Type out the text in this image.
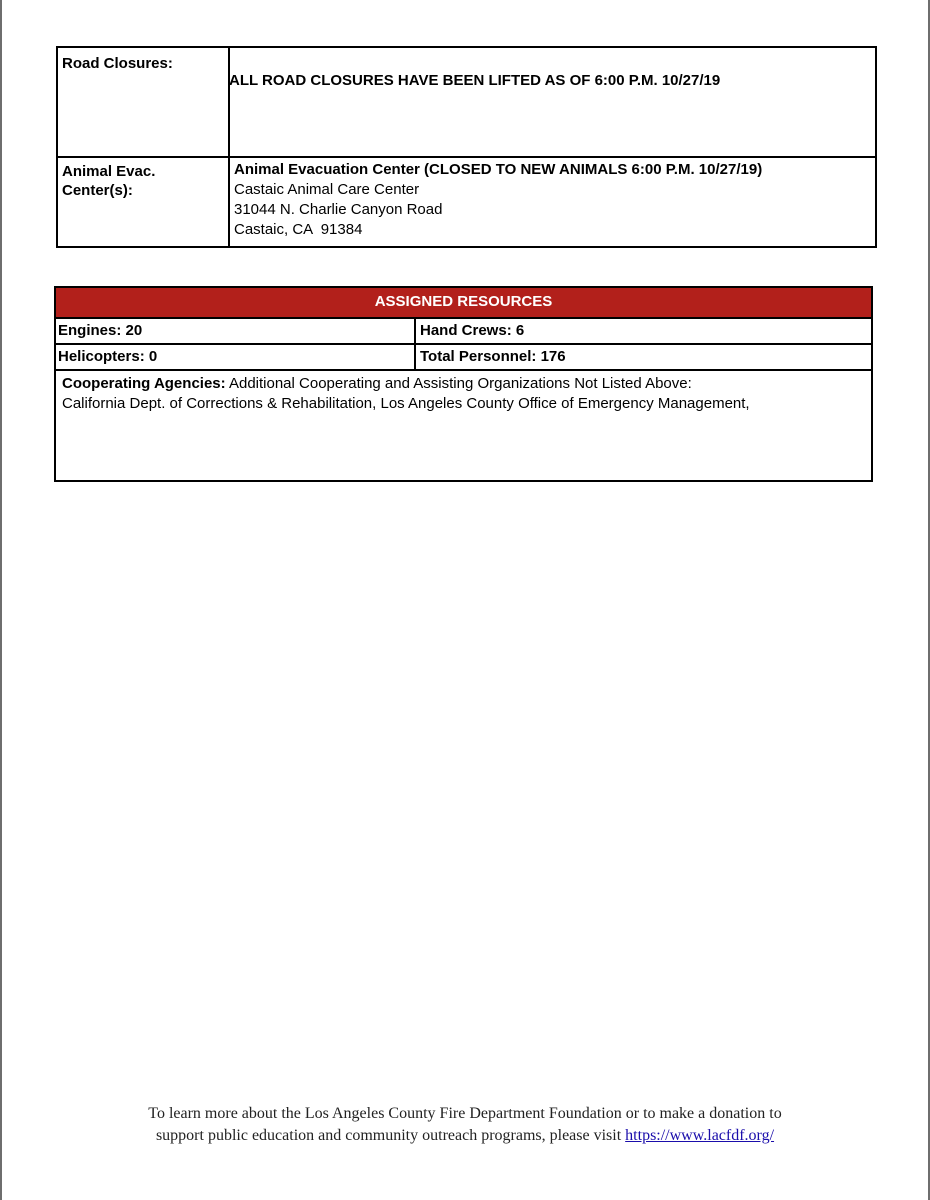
Road Closures:
ALL ROAD CLOSURES HAVE BEEN LIFTED AS OF 6:00 P.M. 10/27/19
Animal Evac.
Center(s):
Animal Evacuation Center (CLOSED TO NEW ANIMALS 6:00 P.M. 10/27/19)
Castaic Animal Care Center
31044 N. Charlie Canyon Road
Castaic, CA  91384
ASSIGNED RESOURCES
Engines: 20	Hand Crews: 6
Helicopters: 0	Total Personnel: 176
Cooperating Agencies: Additional Cooperating and Assisting Organizations Not Listed Above:
California Dept. of Corrections & Rehabilitation, Los Angeles County Office of Emergency Management,
To learn more about the Los Angeles County Fire Department Foundation or to make a donation to
support public education and community outreach programs, please visit https://www.lacfdf.org/
